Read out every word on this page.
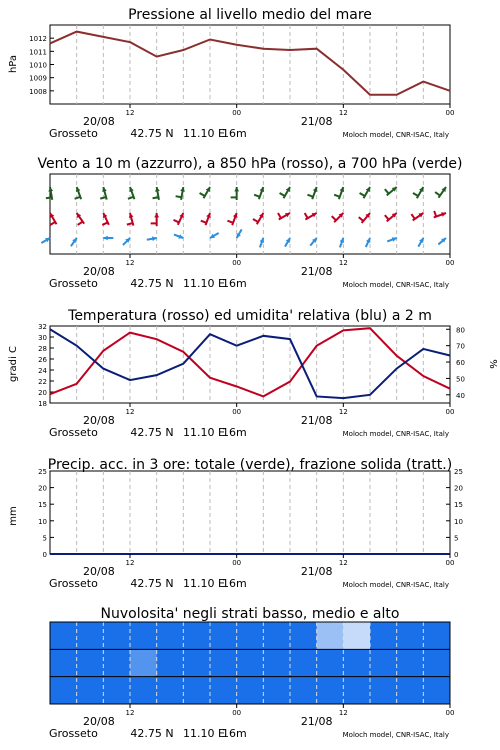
Pressione al livello medio del mare
1008
1009
1010
1011
1012
hPa
12	00	12	00
20/08	21/08
Grosseto	42.75 N 11.10 E
16m	Moloch model, CNR-ISAC, Italy
Vento a 10 m (azzurro), a 850 hPa (rosso), a 700 hPa (verde)
12	00	12	00
20/08	21/08
Grosseto	42.75 N 11.10 E
16m	Moloch model, CNR-ISAC, Italy
Temperatura (rosso) ed umidita' relativa (blu) a 2 m
18
20
22
24
26
28
30
32
40
50
60
70
80
gradi C	%
12	00	12	00
20/08	21/08
Grosseto	42.75 N 11.10 E
16m	Moloch model, CNR-ISAC, Italy
Precip. acc. in 3 ore: totale (verde), frazione solida (tratt.)
0	0
5	5
10	10
15	15
20	20
25	25
mm
12	00	12	00
20/08	21/08
Grosseto	42.75 N 11.10 E
16m	Moloch model, CNR-ISAC, Italy
Nuvolosita' negli strati basso, medio e alto
12	00	12	00
20/08	21/08
Grosseto	42.75 N 11.10 E
16m	Moloch model, CNR-ISAC, Italy
